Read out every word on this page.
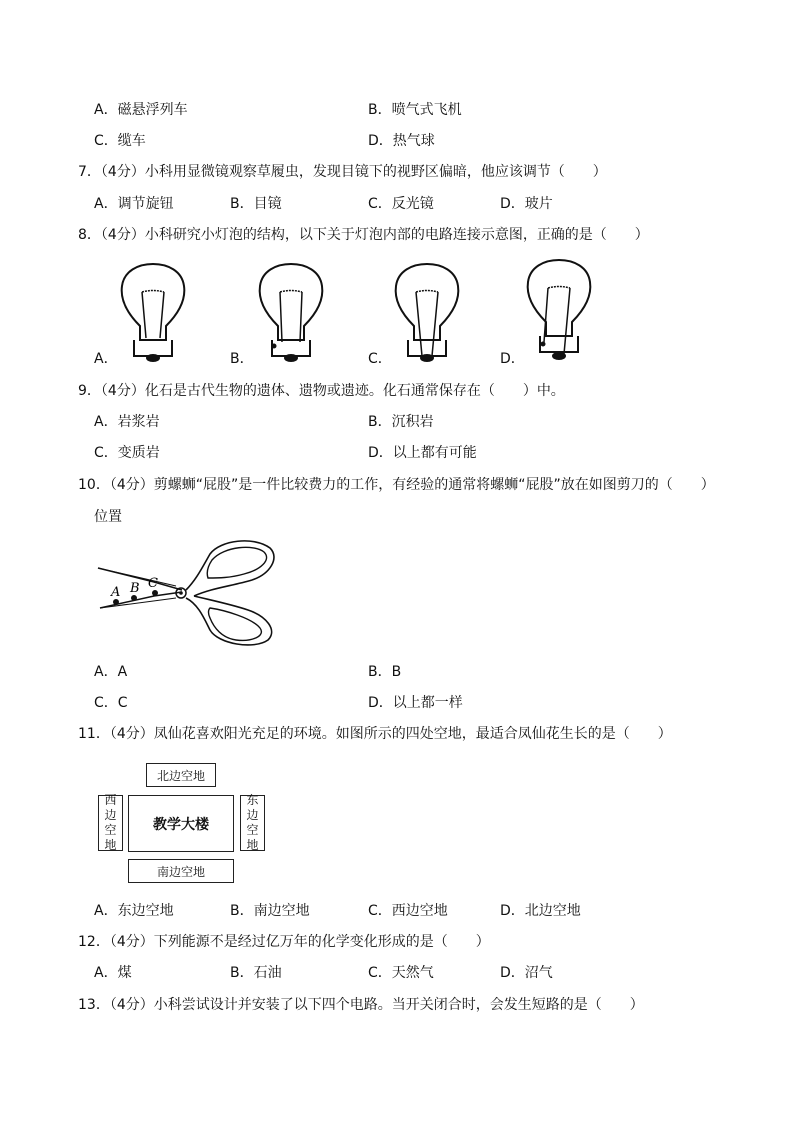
A．磁悬浮列车	B．喷气式飞机
C．缆车	D．热气球
7．（4分）小科用显微镜观察草履虫，发现目镜下的视野区偏暗，他应该调节（　　）
A．调节旋钮	B．目镜	C．反光镜	D．玻片
8．（4分）小科研究小灯泡的结构，以下关于灯泡内部的电路连接示意图，正确的是（　　）
A．	B．	C．	D．
9．（4分）化石是古代生物的遗体、遗物或遗迹。化石通常保存在（　　）中。
A．岩浆岩	B．沉积岩
C．变质岩	D．以上都有可能
10．（4分）剪螺蛳“屁股”是一件比较费力的工作，有经验的通常将螺蛳“屁股”放在如图剪刀的（　　）
位置
A B C
A．A	B．B
C．C	D．以上都一样
11．（4分）凤仙花喜欢阳光充足的环境。如图所示的四处空地，最适合凤仙花生长的是（　　）
北边空地
西
边
空
地
教学大楼
东
边
空
地
南边空地
A．东边空地	B．南边空地	C．西边空地	D．北边空地
12．（4分）下列能源不是经过亿万年的化学变化形成的是（　　）
A．煤	B．石油	C．天然气	D．沼气
13．（4分）小科尝试设计并安装了以下四个电路。当开关闭合时，会发生短路的是（　　）
